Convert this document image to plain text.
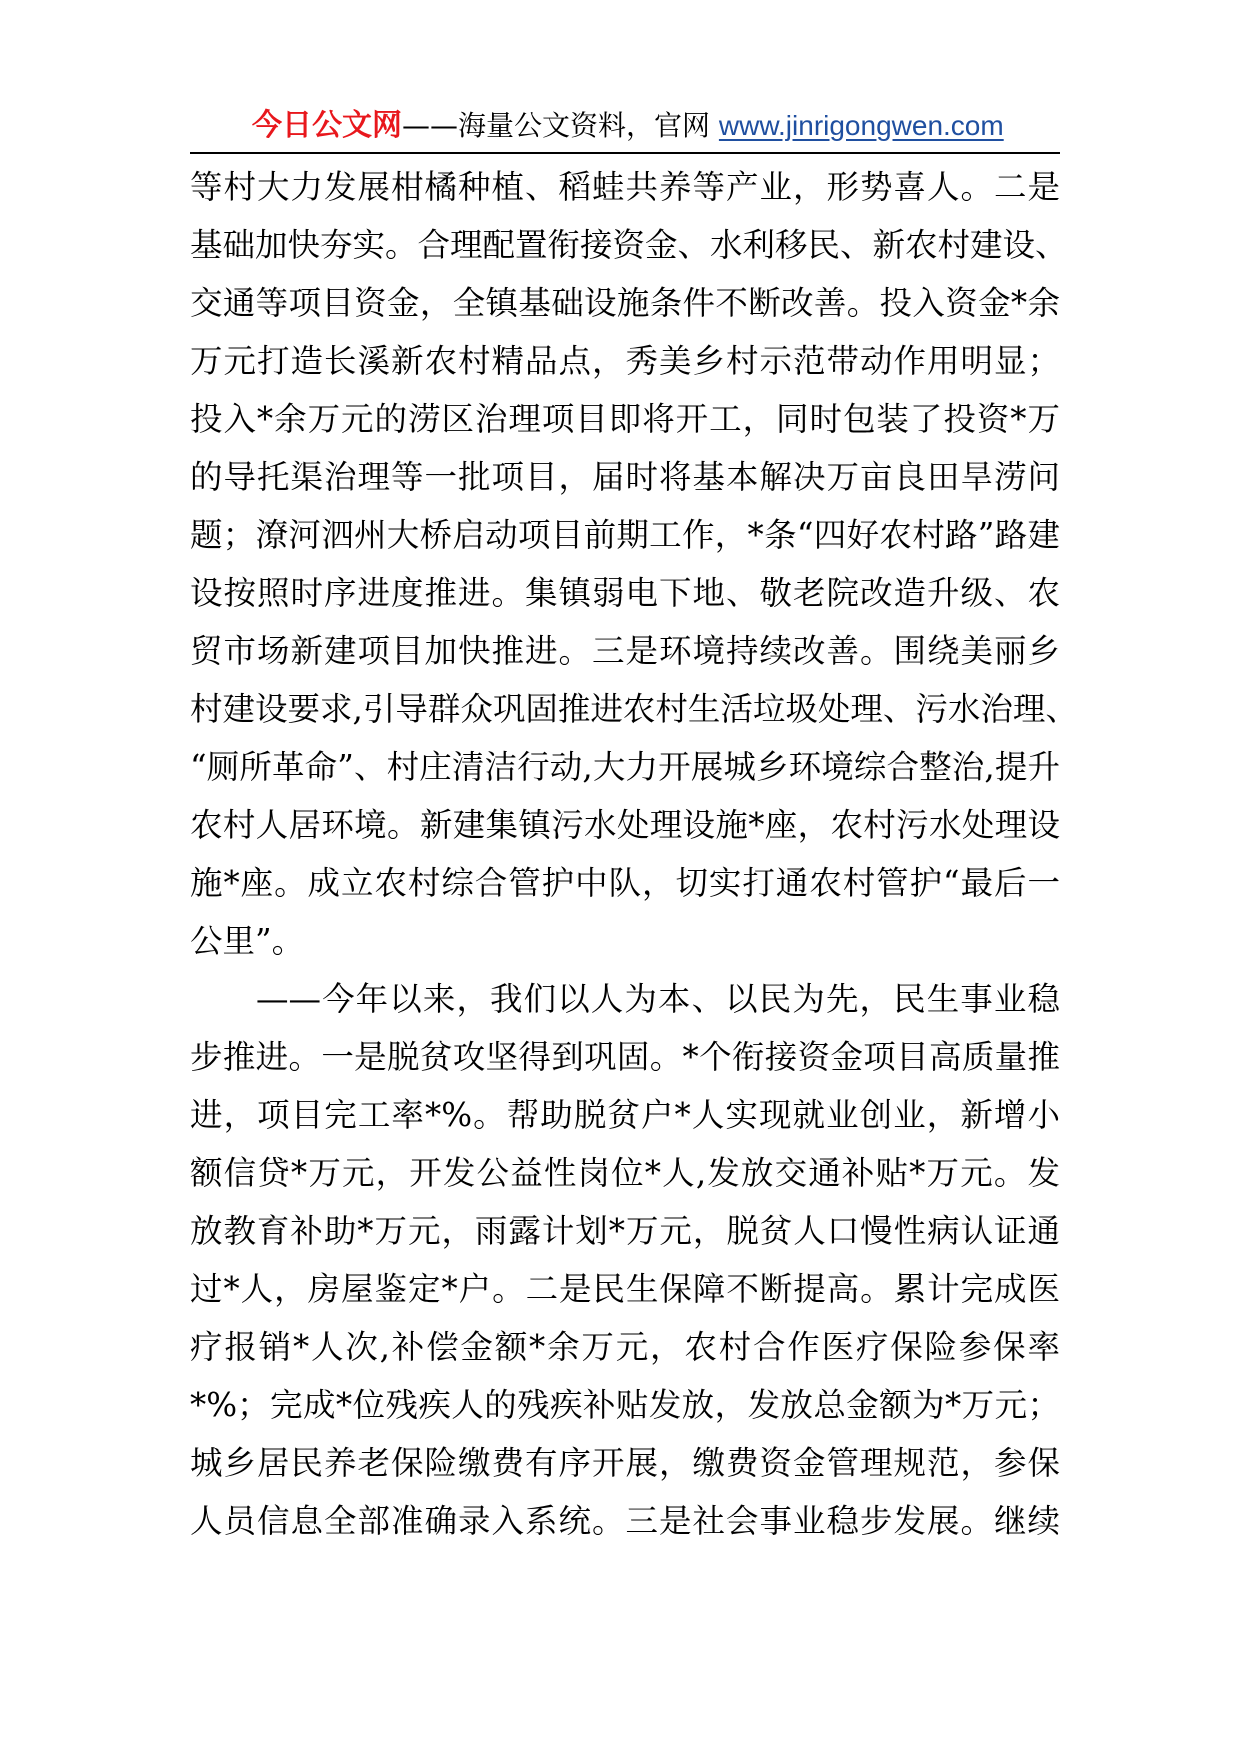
今日公文网——海量公文资料，官网 www.jinrigongwen.com
等村大力发展柑橘种植、稻蛙共养等产业，形势喜人。二是
基础加快夯实。合理配置衔接资金、水利移民、新农村建设、
交通等项目资金，全镇基础设施条件不断改善。投入资金*余
万元打造长溪新农村精品点，秀美乡村示范带动作用明显；
投入*余万元的涝区治理项目即将开工，同时包装了投资*万
的导托渠治理等一批项目，届时将基本解决万亩良田旱涝问
题；潦河泗州大桥启动项目前期工作，*条“四好农村路”路建
设按照时序进度推进。集镇弱电下地、敬老院改造升级、农
贸市场新建项目加快推进。三是环境持续改善。围绕美丽乡
村建设要求,引导群众巩固推进农村生活垃圾处理、污水治理、
“厕所革命”、村庄清洁行动,大力开展城乡环境综合整治,提升
农村人居环境。新建集镇污水处理设施*座，农村污水处理设
施*座。成立农村综合管护中队，切实打通农村管护“最后一
公里”。
——今年以来，我们以人为本、以民为先，民生事业稳
步推进。一是脱贫攻坚得到巩固。*个衔接资金项目高质量推
进，项目完工率*%。帮助脱贫户*人实现就业创业，新增小
额信贷*万元，开发公益性岗位*人,发放交通补贴*万元。发
放教育补助*万元，雨露计划*万元，脱贫人口慢性病认证通
过*人，房屋鉴定*户。二是民生保障不断提高。累计完成医
疗报销*人次,补偿金额*余万元，农村合作医疗保险参保率
*%；完成*位残疾人的残疾补贴发放，发放总金额为*万元；
城乡居民养老保险缴费有序开展，缴费资金管理规范，参保
人员信息全部准确录入系统。三是社会事业稳步发展。继续
